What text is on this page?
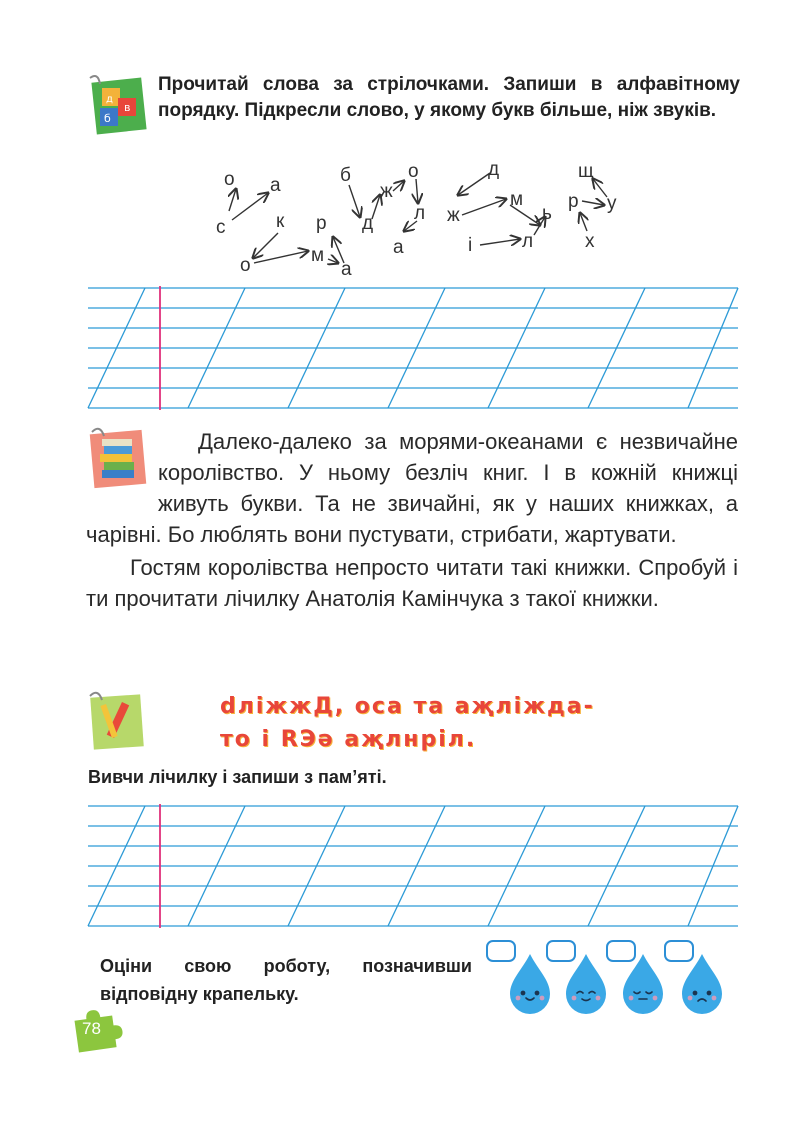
в
б
д
Прочитай слова за стрілочками. Запиши в алфавітному порядку. Підкресли слово, у якому букв більше, ніж звуків.
о а
с	к р
о	м
а
б
ж
о
д л
а
д
м
ж	ь
і	л
щ
р у
х

Далеко-далеко за морями-океанами є незвичайне королівство. У ньому безліч книг. І в кожній книжці живуть букви. Та не звичайні, як у наших книжках, а чарівні. Бо люблять вони пустувати, стрибати, жартувати.

Гостям королівства непросто читати такі книжки. Спробуй і ти прочитати лічилку Анатолія Камінчука з такої книжки.

dліжжД, оса та аҗліжда-
то і RЭә аҗлнріл.
Вивчи лічилку і запиши з пам’яті.
Оціни свою роботу, позначивши відповідну крапельку.
78
